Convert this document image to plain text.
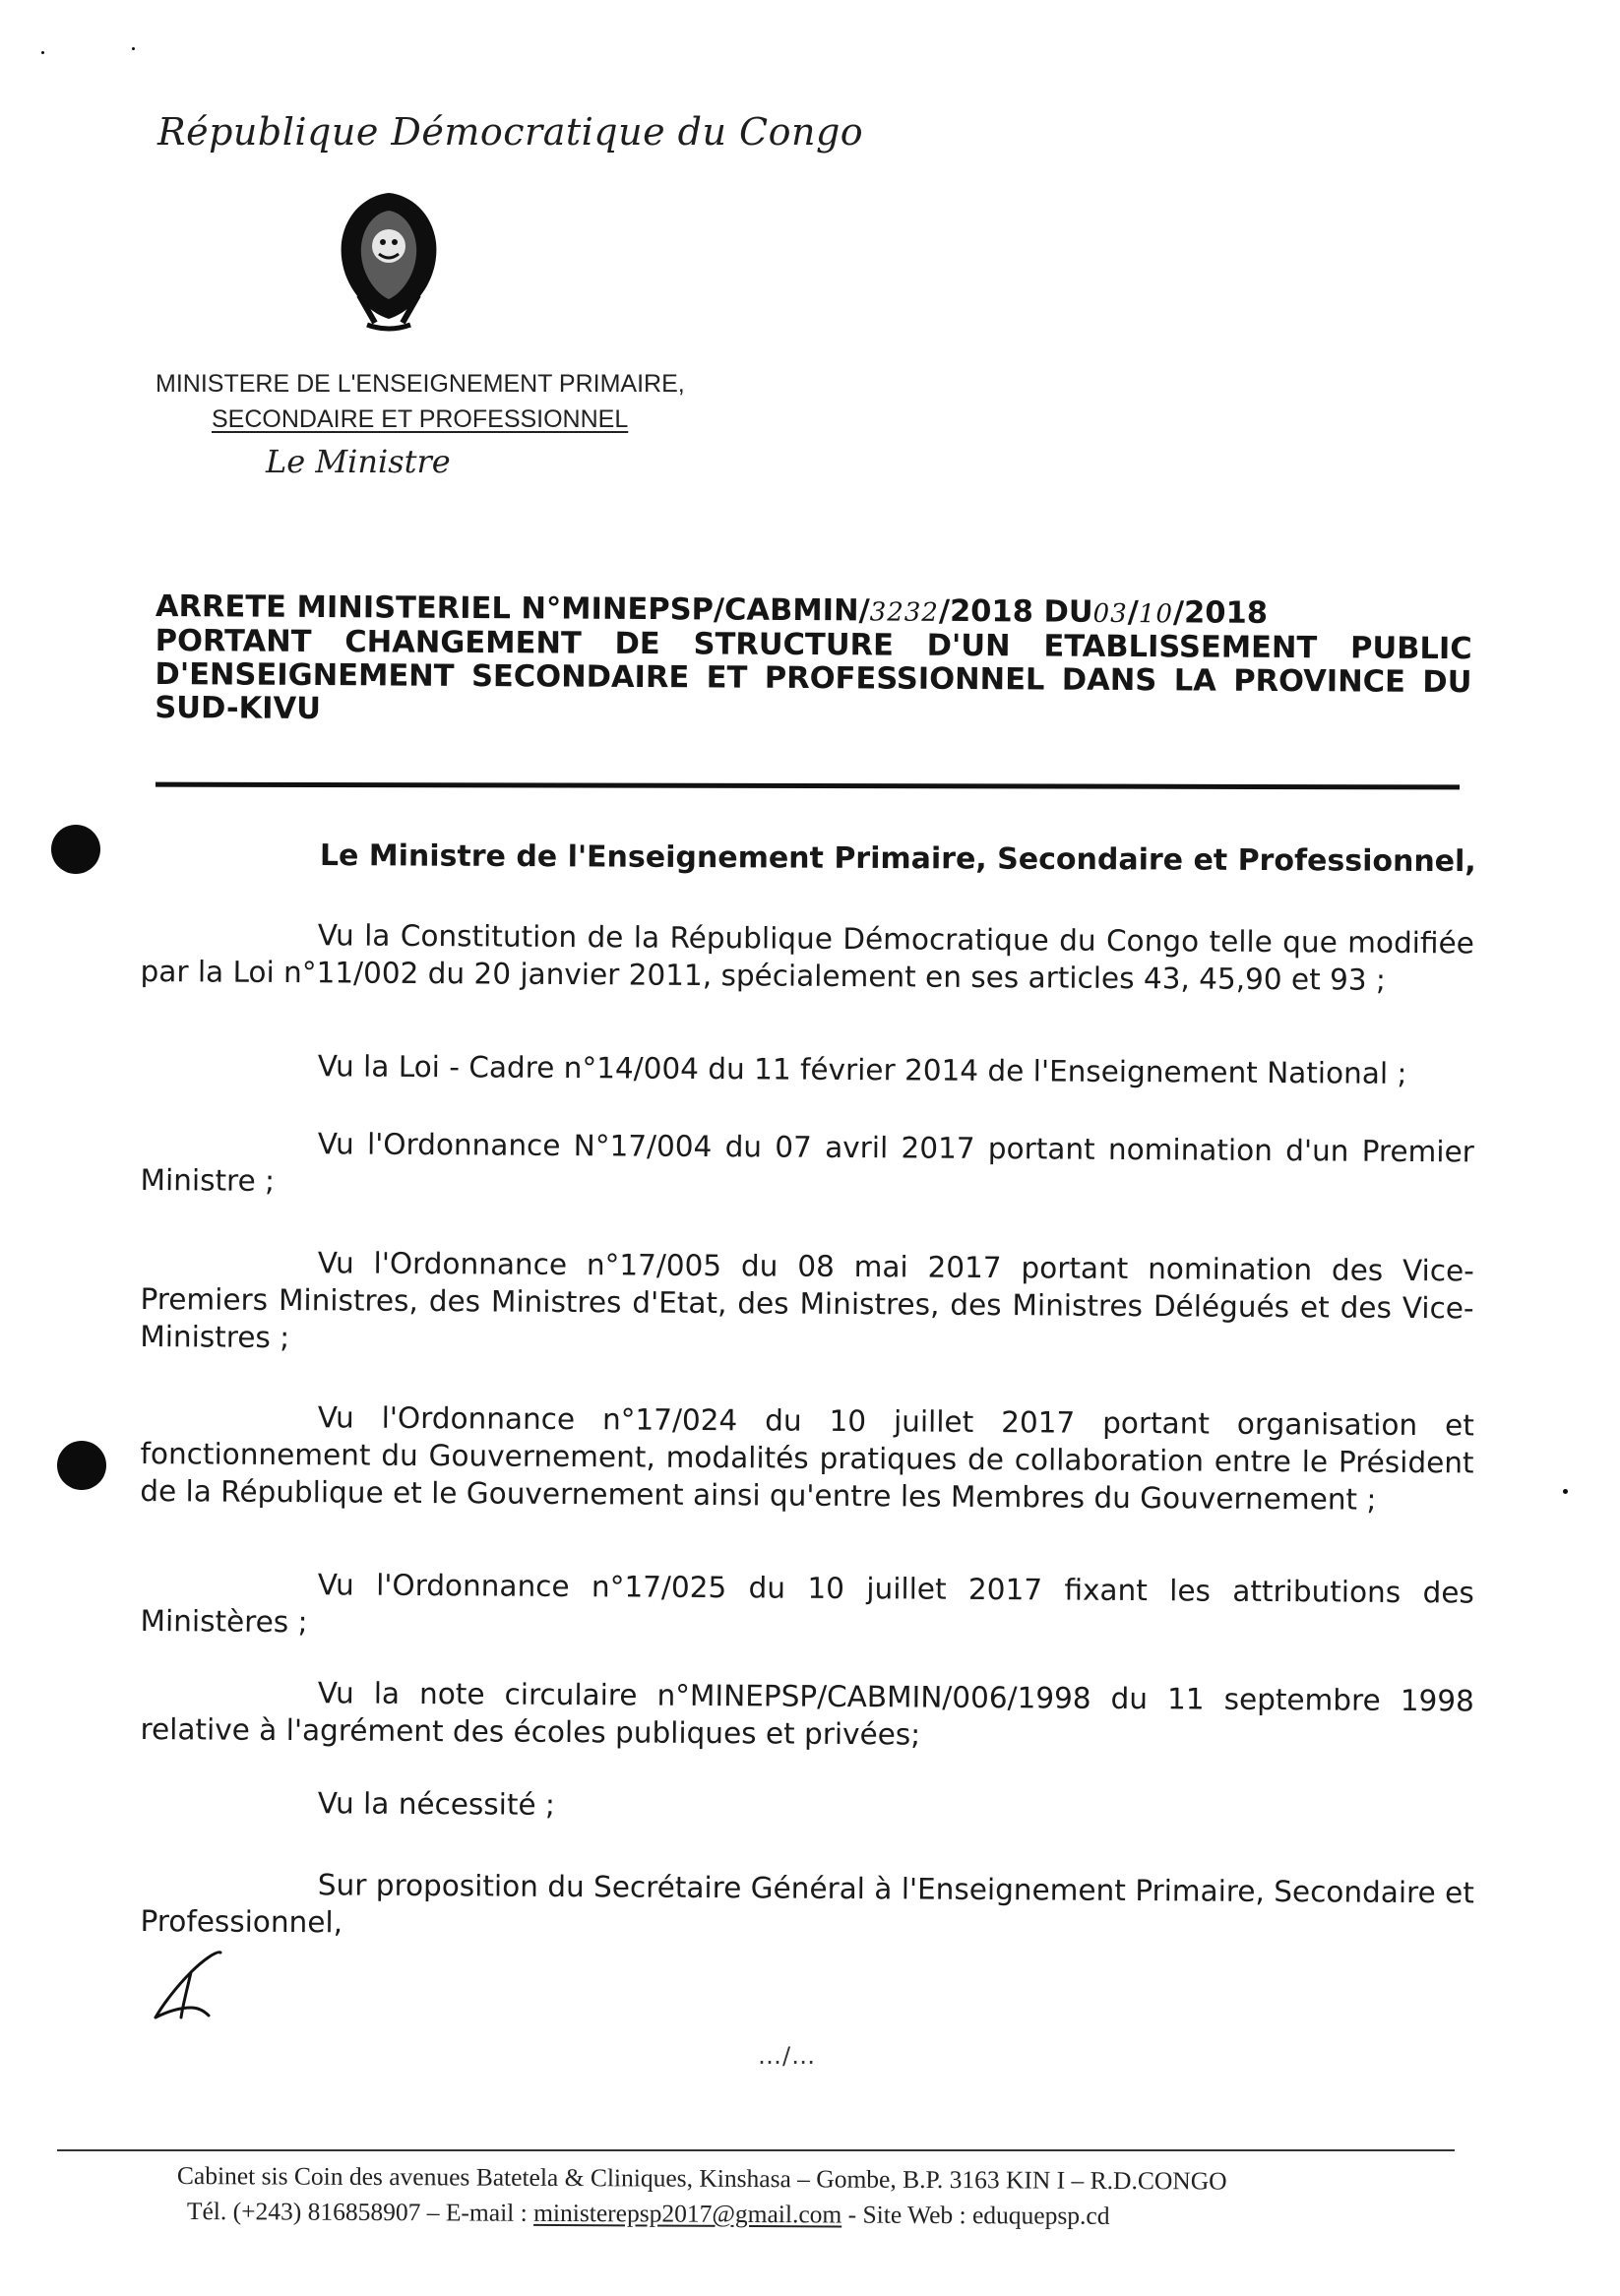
République Démocratique du Congo
MINISTERE DE L'ENSEIGNEMENT PRIMAIRE,
SECONDAIRE ET PROFESSIONNEL
Le Ministre
ARRETE MINISTERIEL N°MINEPSP/CABMIN/3232/2018 DU03/10/2018
PORTANT CHANGEMENT DE STRUCTURE D'UN ETABLISSEMENT PUBLIC
D'ENSEIGNEMENT SECONDAIRE ET PROFESSIONNEL DANS LA PROVINCE DU
SUD-KIVU
Le Ministre de l'Enseignement Primaire, Secondaire et Professionnel,
Vu la Constitution de la République Démocratique du Congo telle que modifiée par la Loi n°11/002 du 20 janvier 2011, spécialement en ses articles 43, 45,90 et 93 ;
Vu la Loi - Cadre n°14/004 du 11 février 2014 de l'Enseignement National ;
Vu l'Ordonnance N°17/004 du 07 avril 2017 portant nomination d'un Premier Ministre ;
Vu l'Ordonnance n°17/005 du 08 mai 2017 portant nomination des Vice-Premiers Ministres, des Ministres d'Etat, des Ministres, des Ministres Délégués et des Vice-Ministres ;
Vu l'Ordonnance n°17/024 du 10 juillet 2017 portant organisation et fonctionnement du Gouvernement, modalités pratiques de collaboration entre le Président de la République et le Gouvernement ainsi qu'entre les Membres du Gouvernement ;
Vu l'Ordonnance n°17/025 du 10 juillet 2017 fixant les attributions des Ministères ;
Vu la note circulaire n°MINEPSP/CABMIN/006/1998 du 11 septembre 1998 relative à l'agrément des écoles publiques et privées;
Vu la nécessité ;
Sur proposition du Secrétaire Général à l'Enseignement Primaire, Secondaire et Professionnel,
…/…
Cabinet sis Coin des avenues Batetela & Cliniques, Kinshasa – Gombe, B.P. 3163 KIN I – R.D.CONGO
Tél. (+243) 816858907 – E-mail : ministerepsp2017@gmail.com - Site Web : eduquepsp.cd
